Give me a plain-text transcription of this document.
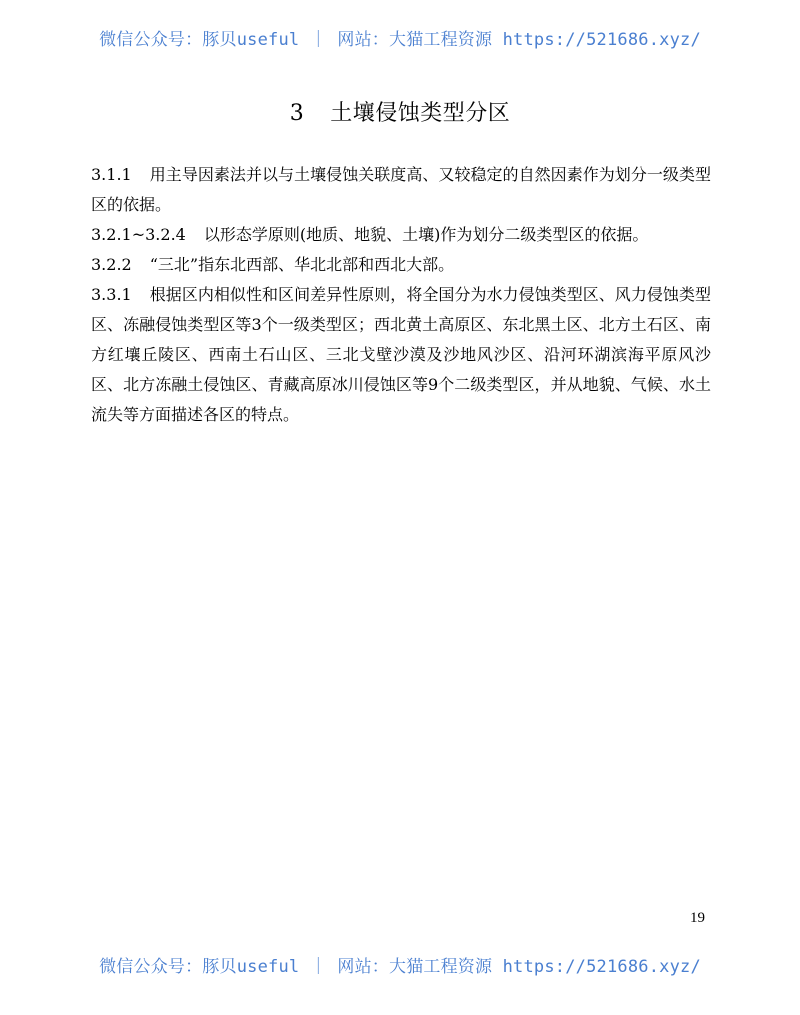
微信公众号：豚贝useful ｜ 网站：大猫工程资源 https://521686.xyz/
3 土壤侵蚀类型分区

3.1.1 用主导因素法并以与土壤侵蚀关联度高、又较稳定的自然因素作为划分一级类型区的依据。

3.2.1~3.2.4 以形态学原则(地质、地貌、土壤)作为划分二级类型区的依据。

3.2.2 “三北”指东北西部、华北北部和西北大部。

3.3.1 根据区内相似性和区间差异性原则，将全国分为水力侵蚀类型区、风力侵蚀类型区、冻融侵蚀类型区等3个一级类型区；西北黄土高原区、东北黑土区、北方土石区、南方红壤丘陵区、西南土石山区、三北戈壁沙漠及沙地风沙区、沿河环湖滨海平原风沙区、北方冻融土侵蚀区、青藏高原冰川侵蚀区等9个二级类型区，并从地貌、气候、水土流失等方面描述各区的特点。

19
微信公众号：豚贝useful ｜ 网站：大猫工程资源 https://521686.xyz/
